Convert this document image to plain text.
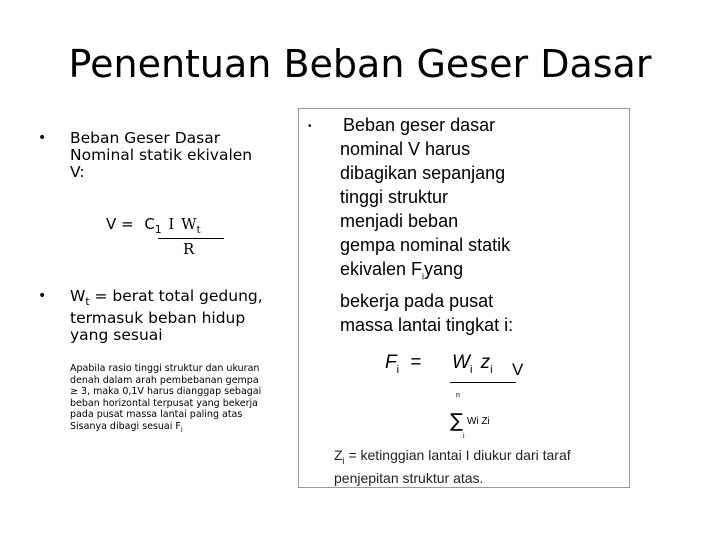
Penentuan Beban Geser Dasar
• Beban Geser Dasar
Nominal statik ekivalen
V:
$V = C_1$ I $W_t$
R
• $W_t$ = berat total gedung,
termasuk beban hidup
yang sesuai
Apabila rasio tinggi struktur dan ukuran
denah dalam arah pembebanan gempa
≥ 3, maka 0,1V harus dianggap sebagai
beban horizontal terpusat yang bekerja
pada pusat massa lantai paling atas
Sisanya dibagi sesuai $F_i$
• Beban geser dasar
nominal V harus
dibagikan sepanjang
tinggi struktur
menjadi beban
gempa nominal statik
ekivalen $F_iyang$
bekerja pada pusat
massa lantai tingkat i:
$F_i = W_i$ $z_i$ V
n
∑ Wi Zi
i
$Z_i$ = ketinggian lantai I diukur dari taraf
penjepitan struktur atas.
